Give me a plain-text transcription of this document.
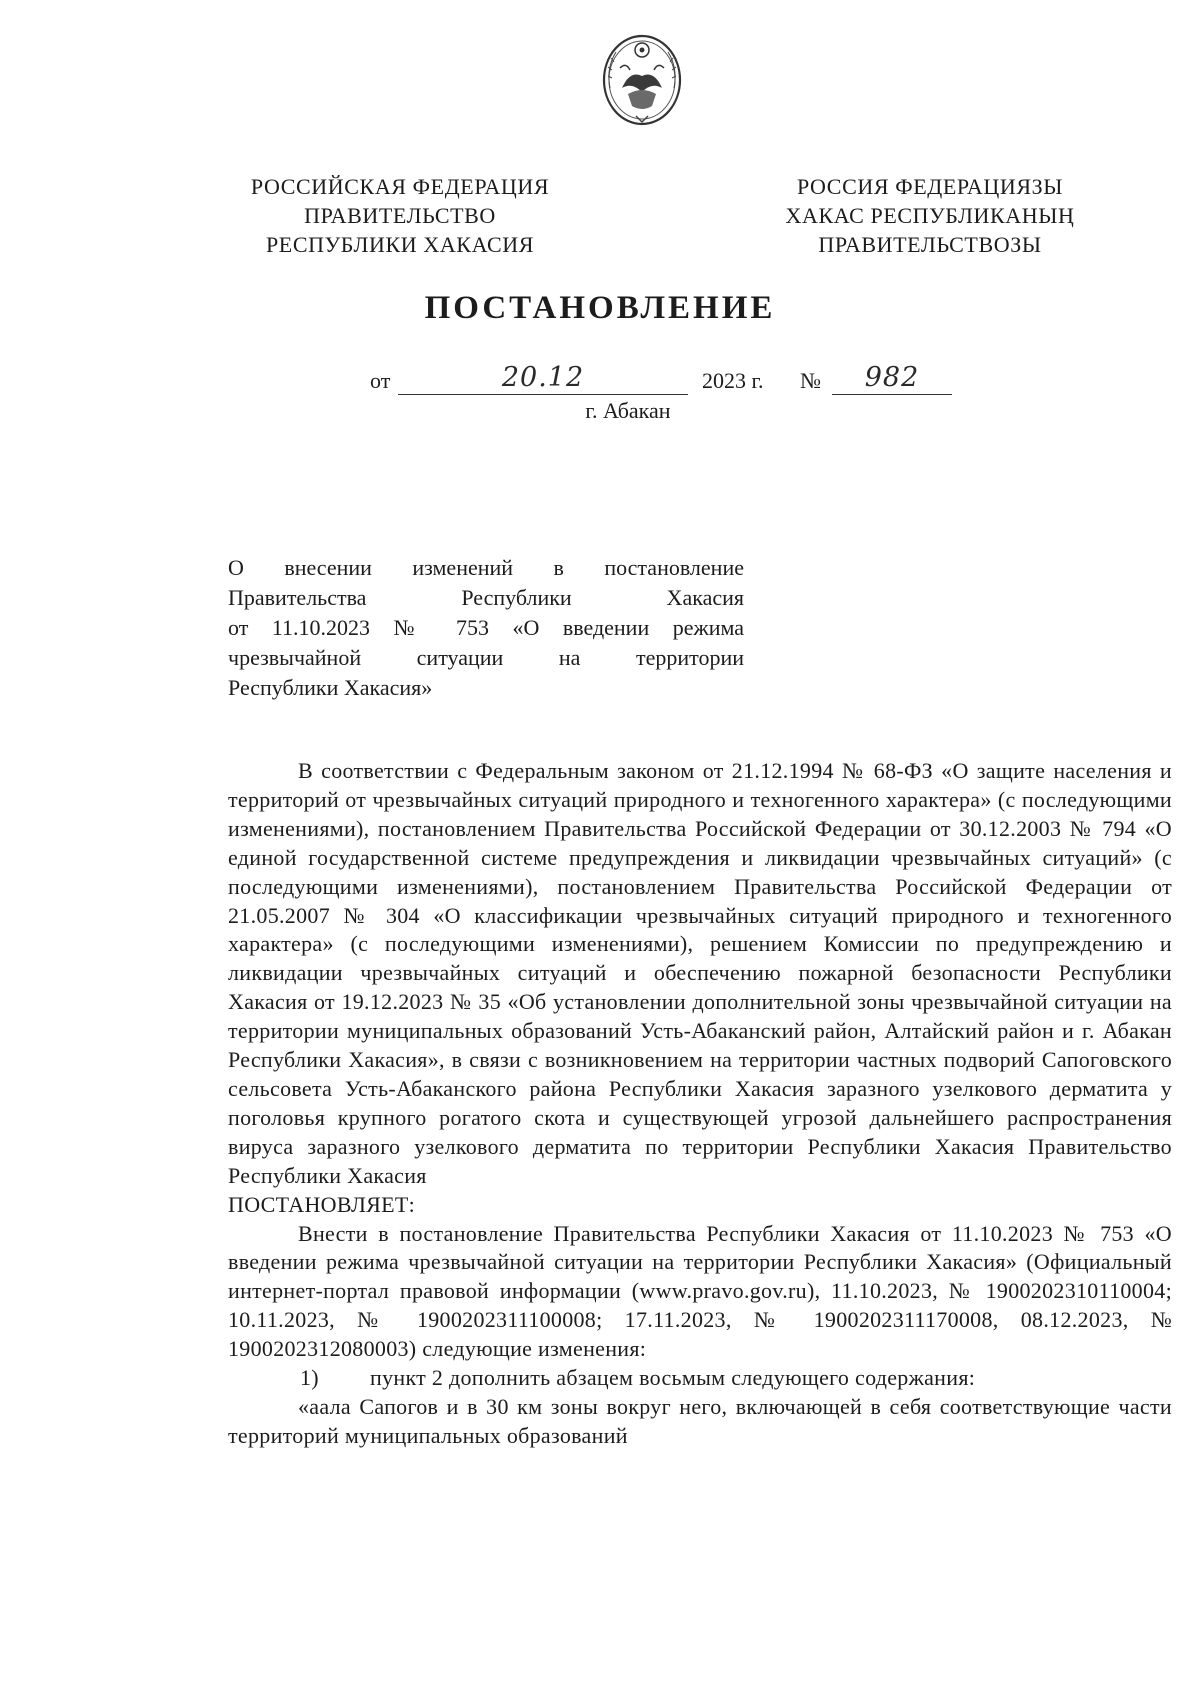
РОССИЙСКАЯ ФЕДЕРАЦИЯ
ПРАВИТЕЛЬСТВО
РЕСПУБЛИКИ ХАКАСИЯ
РОССИЯ ФЕДЕРАЦИЯЗЫ
ХАКАС РЕСПУБЛИКАНЫҢ
ПРАВИТЕЛЬСТВОЗЫ
ПОСТАНОВЛЕНИЕ
от	20.12	2023 г. №	982
г. Абакан
О внесении изменений в постановление
Правительства Республики Хакасия
от 11.10.2023 № 753 «О введении режима
чрезвычайной ситуации на территории
Республики Хакасия»

В соответствии с Федеральным законом от 21.12.1994 № 68-ФЗ «О защите населения и территорий от чрезвычайных ситуаций природного и техногенного характера» (с последующими изменениями), постановлением Правительства Российской Федерации от 30.12.2003 № 794 «О единой государственной системе предупреждения и ликвидации чрезвычайных ситуаций» (с последующими изменениями), постановлением Правительства Российской Федерации от 21.05.2007 № 304 «О классификации чрезвычайных ситуаций природного и техногенного характера» (с последующими изменениями), решением Комиссии по предупреждению и ликвидации чрезвычайных ситуаций и обеспечению пожарной безопасности Республики Хакасия от 19.12.2023 № 35 «Об установлении дополнительной зоны чрезвычайной ситуации на территории муниципальных образований Усть-Абаканский район, Алтайский район и г. Абакан Республики Хакасия», в связи с возникновением на территории частных подворий Сапоговского сельсовета Усть-Абаканского района Республики Хакасия заразного узелкового дерматита у поголовья крупного рогатого скота и существующей угрозой дальнейшего распространения вируса заразного узелкового дерматита по территории Республики Хакасия Правительство Республики Хакасия

ПОСТАНОВЛЯЕТ:

Внести в постановление Правительства Республики Хакасия от 11.10.2023 № 753 «О введении режима чрезвычайной ситуации на территории Республики Хакасия» (Официальный интернет-портал правовой информации (www.pravo.gov.ru), 11.10.2023, № 1900202310110004; 10.11.2023, № 1900202311100008; 17.11.2023, № 1900202311170008, 08.12.2023, № 1900202312080003) следующие изменения:

1) пункт 2 дополнить абзацем восьмым следующего содержания:

«аала Сапогов и в 30 км зоны вокруг него, включающей в себя соответствующие части территорий муниципальных образований
